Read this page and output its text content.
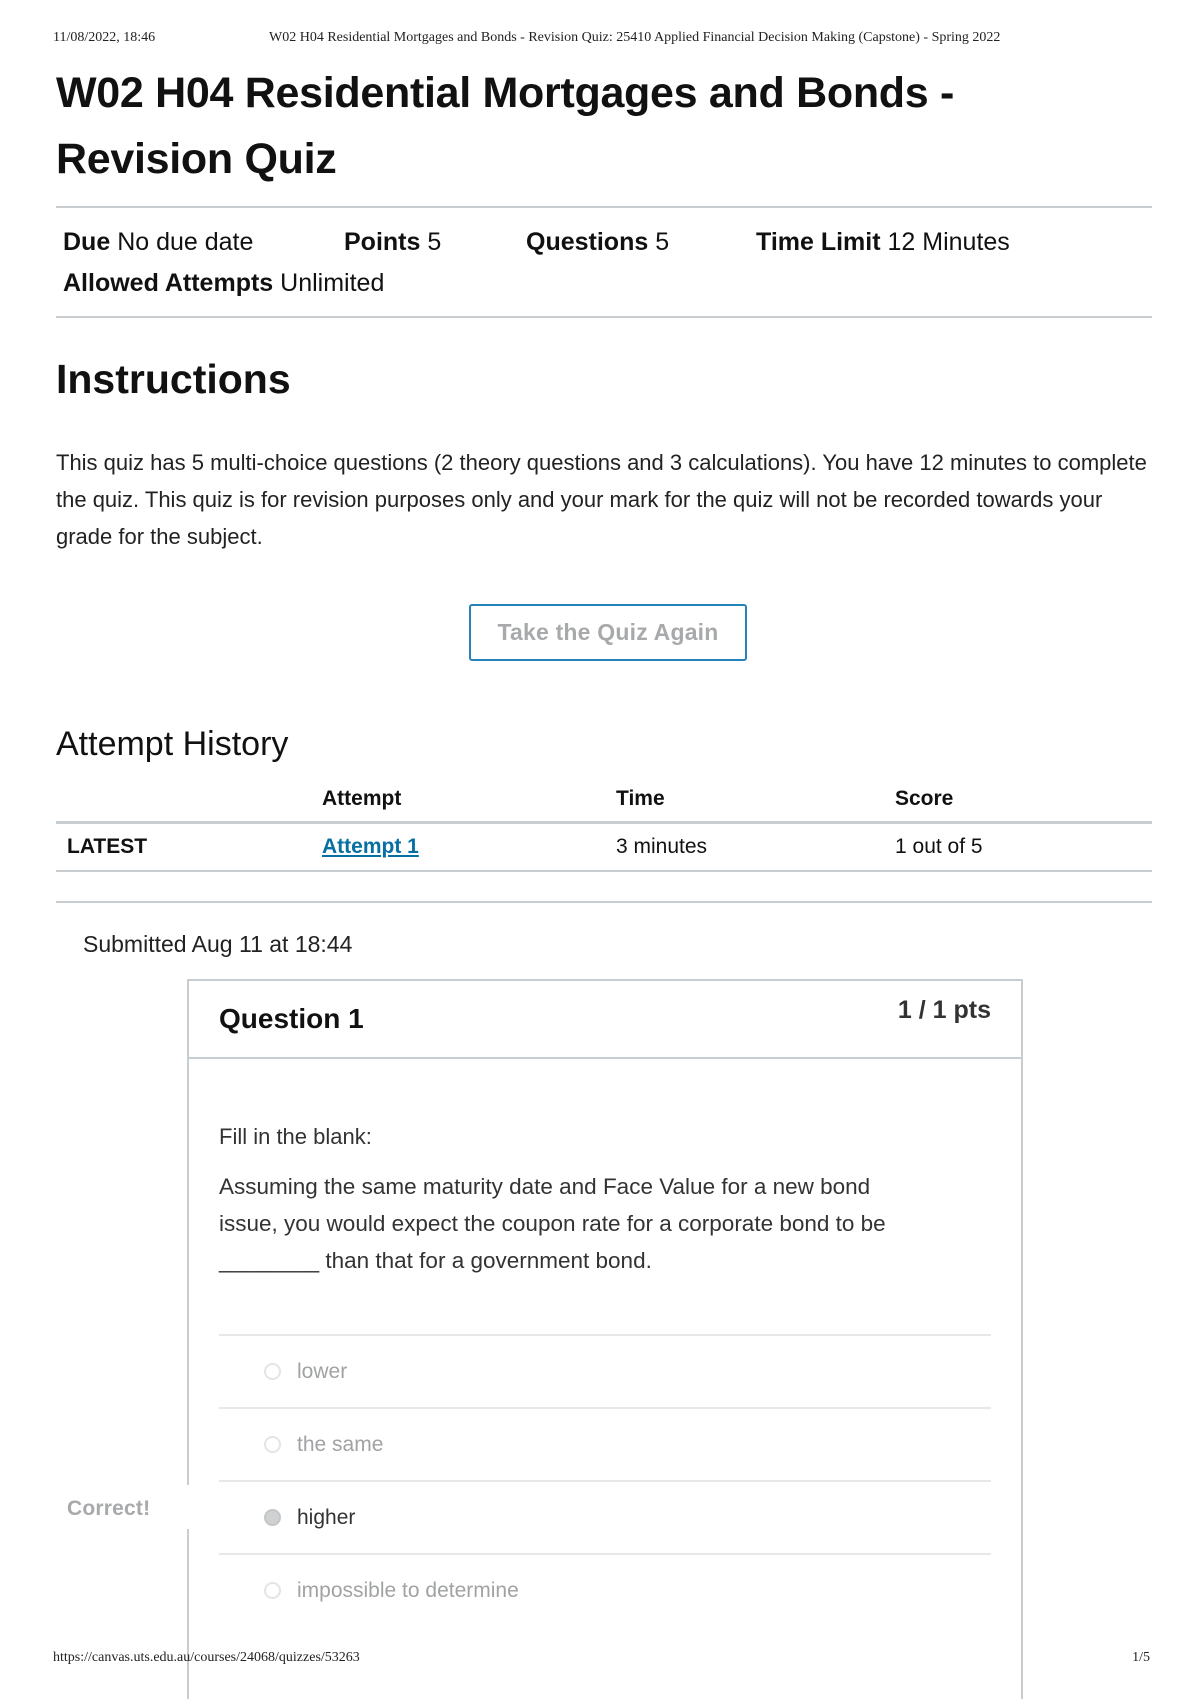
11/08/2022, 18:46	W02 H04 Residential Mortgages and Bonds - Revision Quiz: 25410 Applied Financial Decision Making (Capstone) - Spring 2022
W02 H04 Residential Mortgages and Bonds -
Revision Quiz
Due No due date	Points 5	Questions 5	Time Limit 12 Minutes
Allowed Attempts Unlimited
Instructions

This quiz has 5 multi-choice questions (2 theory questions and 3 calculations). You have 12 minutes to complete the quiz. This quiz is for revision purposes only and your mark for the quiz will not be recorded towards your grade for the subject.

Take the Quiz Again
Attempt History
	Attempt	Time	Score
LATEST	Attempt 1	3 minutes	1 out of 5
Submitted Aug 11 at 18:44
Question 1	1 / 1 pts
Fill in the blank:
Assuming the same maturity date and Face Value for a new bond issue, you would expect the coupon rate for a corporate bond to be ________ than that for a government bond.
lower
the same
higher
impossible to determine
Correct!
https://canvas.uts.edu.au/courses/24068/quizzes/53263	1/5
